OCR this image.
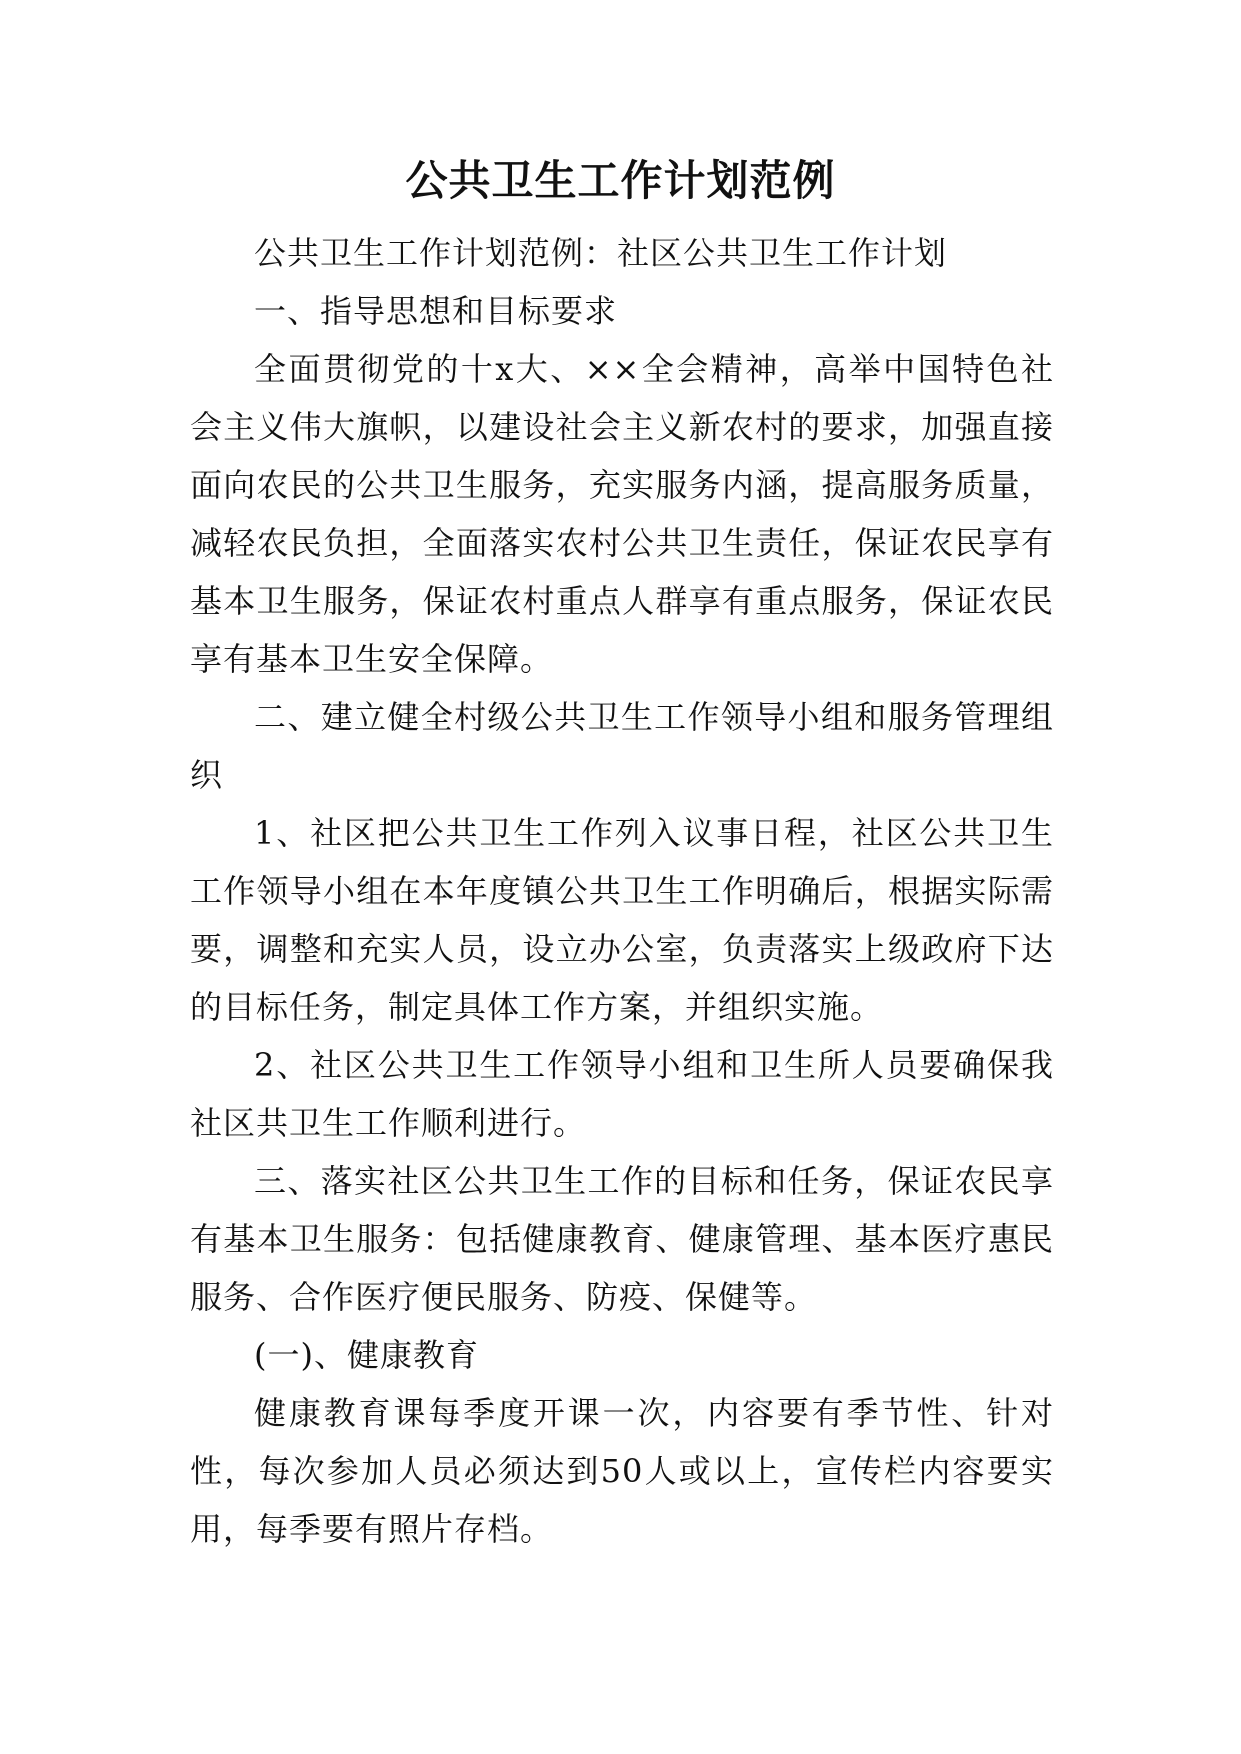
公共卫生工作计划范例

公共卫生工作计划范例：社区公共卫生工作计划

一、指导思想和目标要求

全面贯彻党的十x大、××全会精神，高举中国特色社会主义伟大旗帜，以建设社会主义新农村的要求，加强直接面向农民的公共卫生服务，充实服务内涵，提高服务质量，减轻农民负担，全面落实农村公共卫生责任，保证农民享有基本卫生服务，保证农村重点人群享有重点服务，保证农民享有基本卫生安全保障。

二、建立健全村级公共卫生工作领导小组和服务管理组织

1、社区把公共卫生工作列入议事日程，社区公共卫生工作领导小组在本年度镇公共卫生工作明确后，根据实际需要，调整和充实人员，设立办公室，负责落实上级政府下达的目标任务，制定具体工作方案，并组织实施。

2、社区公共卫生工作领导小组和卫生所人员要确保我社区共卫生工作顺利进行。

三、落实社区公共卫生工作的目标和任务，保证农民享有基本卫生服务：包括健康教育、健康管理、基本医疗惠民服务、合作医疗便民服务、防疫、保健等。

(一)、健康教育

健康教育课每季度开课一次，内容要有季节性、针对性，每次参加人员必须达到50人或以上，宣传栏内容要实用，每季要有照片存档。
